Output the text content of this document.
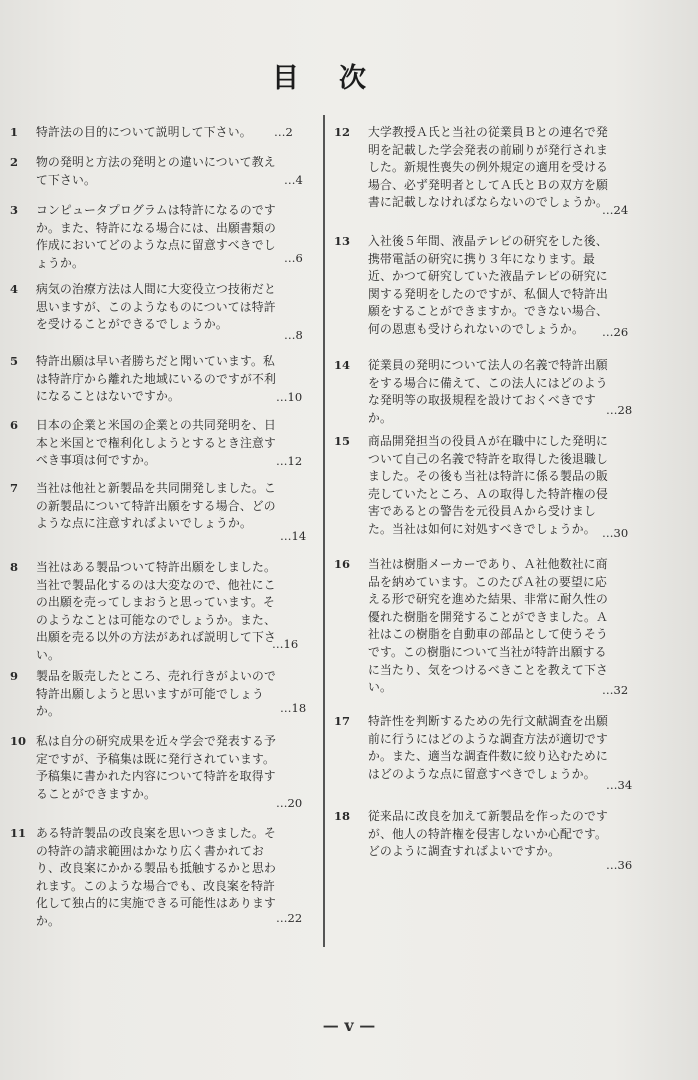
目 次
1 特許法の目的について説明して下さい。	…2
2 物の発明と方法の発明との違いについて教えて下さい。	…4
3 コンピュータプログラムは特許になるのですか。また、特許になる場合には、出願書類の作成においてどのような点に留意すべきでしょうか。	…6
4 病気の治療方法は人間に大変役立つ技術だと思いますが、このようなものについては特許を受けることができるでしょうか。
…8
5 特許出願は早い者勝ちだと聞いています。私は特許庁から離れた地域にいるのですが不利になることはないですか。	…10
6 日本の企業と米国の企業との共同発明を、日本と米国とで権利化しようとするとき注意すべき事項は何ですか。	…12
7 当社は他社と新製品を共同開発しました。この新製品について特許出願をする場合、どのような点に注意すればよいでしょうか。
…14
8 当社はある製品ついて特許出願をしました。当社で製品化するのは大変なので、他社にこの出願を売ってしまおうと思っています。そのようなことは可能なのでしょうか。また、出願を売る以外の方法があれば説明して下さい。
…16
9 製品を販売したところ、売れ行きがよいので特許出願しようと思いますが可能でしょうか。	…18
10 私は自分の研究成果を近々学会で発表する予定ですが、予稿集は既に発行されています。予稿集に書かれた内容について特許を取得することができますか。
…20
11 ある特許製品の改良案を思いつきました。その特許の請求範囲はかなり広く書かれており、改良案にかかる製品も抵触するかと思われます。このような場合でも、改良案を特許化して独占的に実施できる可能性はありますか。	…22
12 大学教授Ａ氏と当社の従業員Ｂとの連名で発明を記載した学会発表の前刷りが発行されました。新規性喪失の例外規定の適用を受ける場合、必ず発明者としてＡ氏とＢの双方を願書に記載しなければならないのでしょうか。
…24
13 入社後５年間、液晶テレビの研究をした後、携帯電話の研究に携り３年になります。最近、かつて研究していた液晶テレビの研究に関する発明をしたのですが、私個人で特許出願をすることができますか。できない場合、何の恩恵も受けられないのでしょうか。	…26
14 従業員の発明について法人の名義で特許出願をする場合に備えて、この法人にはどのような発明等の取扱規程を設けておくべきですか。
…28
15 商品開発担当の役員Ａが在職中にした発明について自己の名義で特許を取得した後退職しました。その後も当社は特許に係る製品の販売していたところ、Ａの取得した特許権の侵害であるとの警告を元役員Ａから受けました。当社は如何に対処すべきでしょうか。 …30
16 当社は樹脂メーカーであり、Ａ社他数社に商品を納めています。このたびＡ社の要望に応える形で研究を進めた結果、非常に耐久性の優れた樹脂を開発することができました。Ａ社はこの樹脂を自動車の部品として使うそうです。この樹脂について当社が特許出願するに当たり、気をつけるべきことを教えて下さい。	…32
17 特許性を判断するための先行文献調査を出願前に行うにはどのような調査方法が適切ですか。また、適当な調査件数に絞り込むためにはどのような点に留意すべきでしょうか。
…34
18 従来品に改良を加えて新製品を作ったのですが、他人の特許権を侵害しないか心配です。どのように調査すればよいですか。
…36
— v —
